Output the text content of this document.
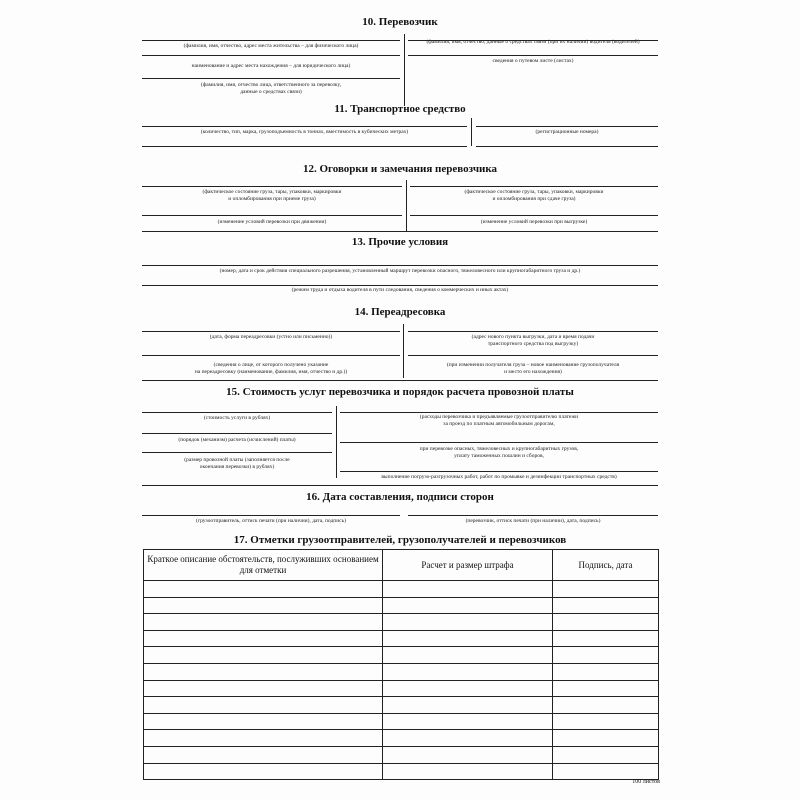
10. Перевозчик
(фамилия, имя, отчество, адрес места жительства – для физического лица)
(фамилия, имя, отчество, данные о средствах связи (при их наличии) водителя (водителей)
наименование и адрес места нахождения – для юридического лица)
сведения о путевом листе (листах)
(фамилия, имя, отчество лица, ответственного за перевозку,
данные о средствах связи)
11. Транспортное средство
(количество, тип, марка, грузоподъемность в тоннах, вместимость в кубических метрах)	(регистрационные номера)
12. Оговорки и замечания перевозчика
(фактическое состояние груза, тары, упаковки, маркировки
и опломбирования при приеме груза)
(фактическое состояние груза, тары, упаковки, маркировки
и опломбирования при сдаче груза)
(изменение условий перевозки при движении)	(изменение условий перевозки при выгрузке)
13. Прочие условия
(номер, дата и срок действия специального разрешения, установленный маршрут перевозки опасного, тяжеловесного или крупногабаритного груза и др.)
(режим труда и отдыха водителя в пути следования, сведения о коммерческих и иных актах)
14. Переадресовка
(дата, форма переадресовки (устно или письменно))	(адрес нового пункта выгрузки, дата и время подачи
транспортного средства под выгрузку)
(сведения о лице, от которого получено указание
на переадресовку (наименование, фамилия, имя, отчество и др.))
(при изменении получателя груза – новое наименование грузополучателя
и место его нахождения)
15. Стоимость услуг перевозчика и порядок расчета провозной платы
(стоимость услуги в рублях)	(расходы перевозчика и предъявляемые грузоотправителю платежи
за проезд по платным автомобильным дорогам,
(порядок (механизм) расчета (исчислений) платы)
при перевозке опасных, тяжеловесных и крупногабаритных грузов,
уплату таможенных пошлин и сборов,
(размер провозной платы (заполняется после
окончания перевозки) в рублях)
выполнение погрузо-разгрузочных работ, работ по промывке и дезинфекции транспортных средств)
16. Дата составления, подписи сторон
(грузоотправитель, оттиск печати (при наличии), дата, подпись)	(перевозчик, оттиск печати (при наличии), дата, подпись)
17. Отметки грузоотправителей, грузополучателей и перевозчиков
Краткое описание обстоятельств, послуживших основанием для отметки	Расчет и размер штрафа	Подпись, дата

100 листов
